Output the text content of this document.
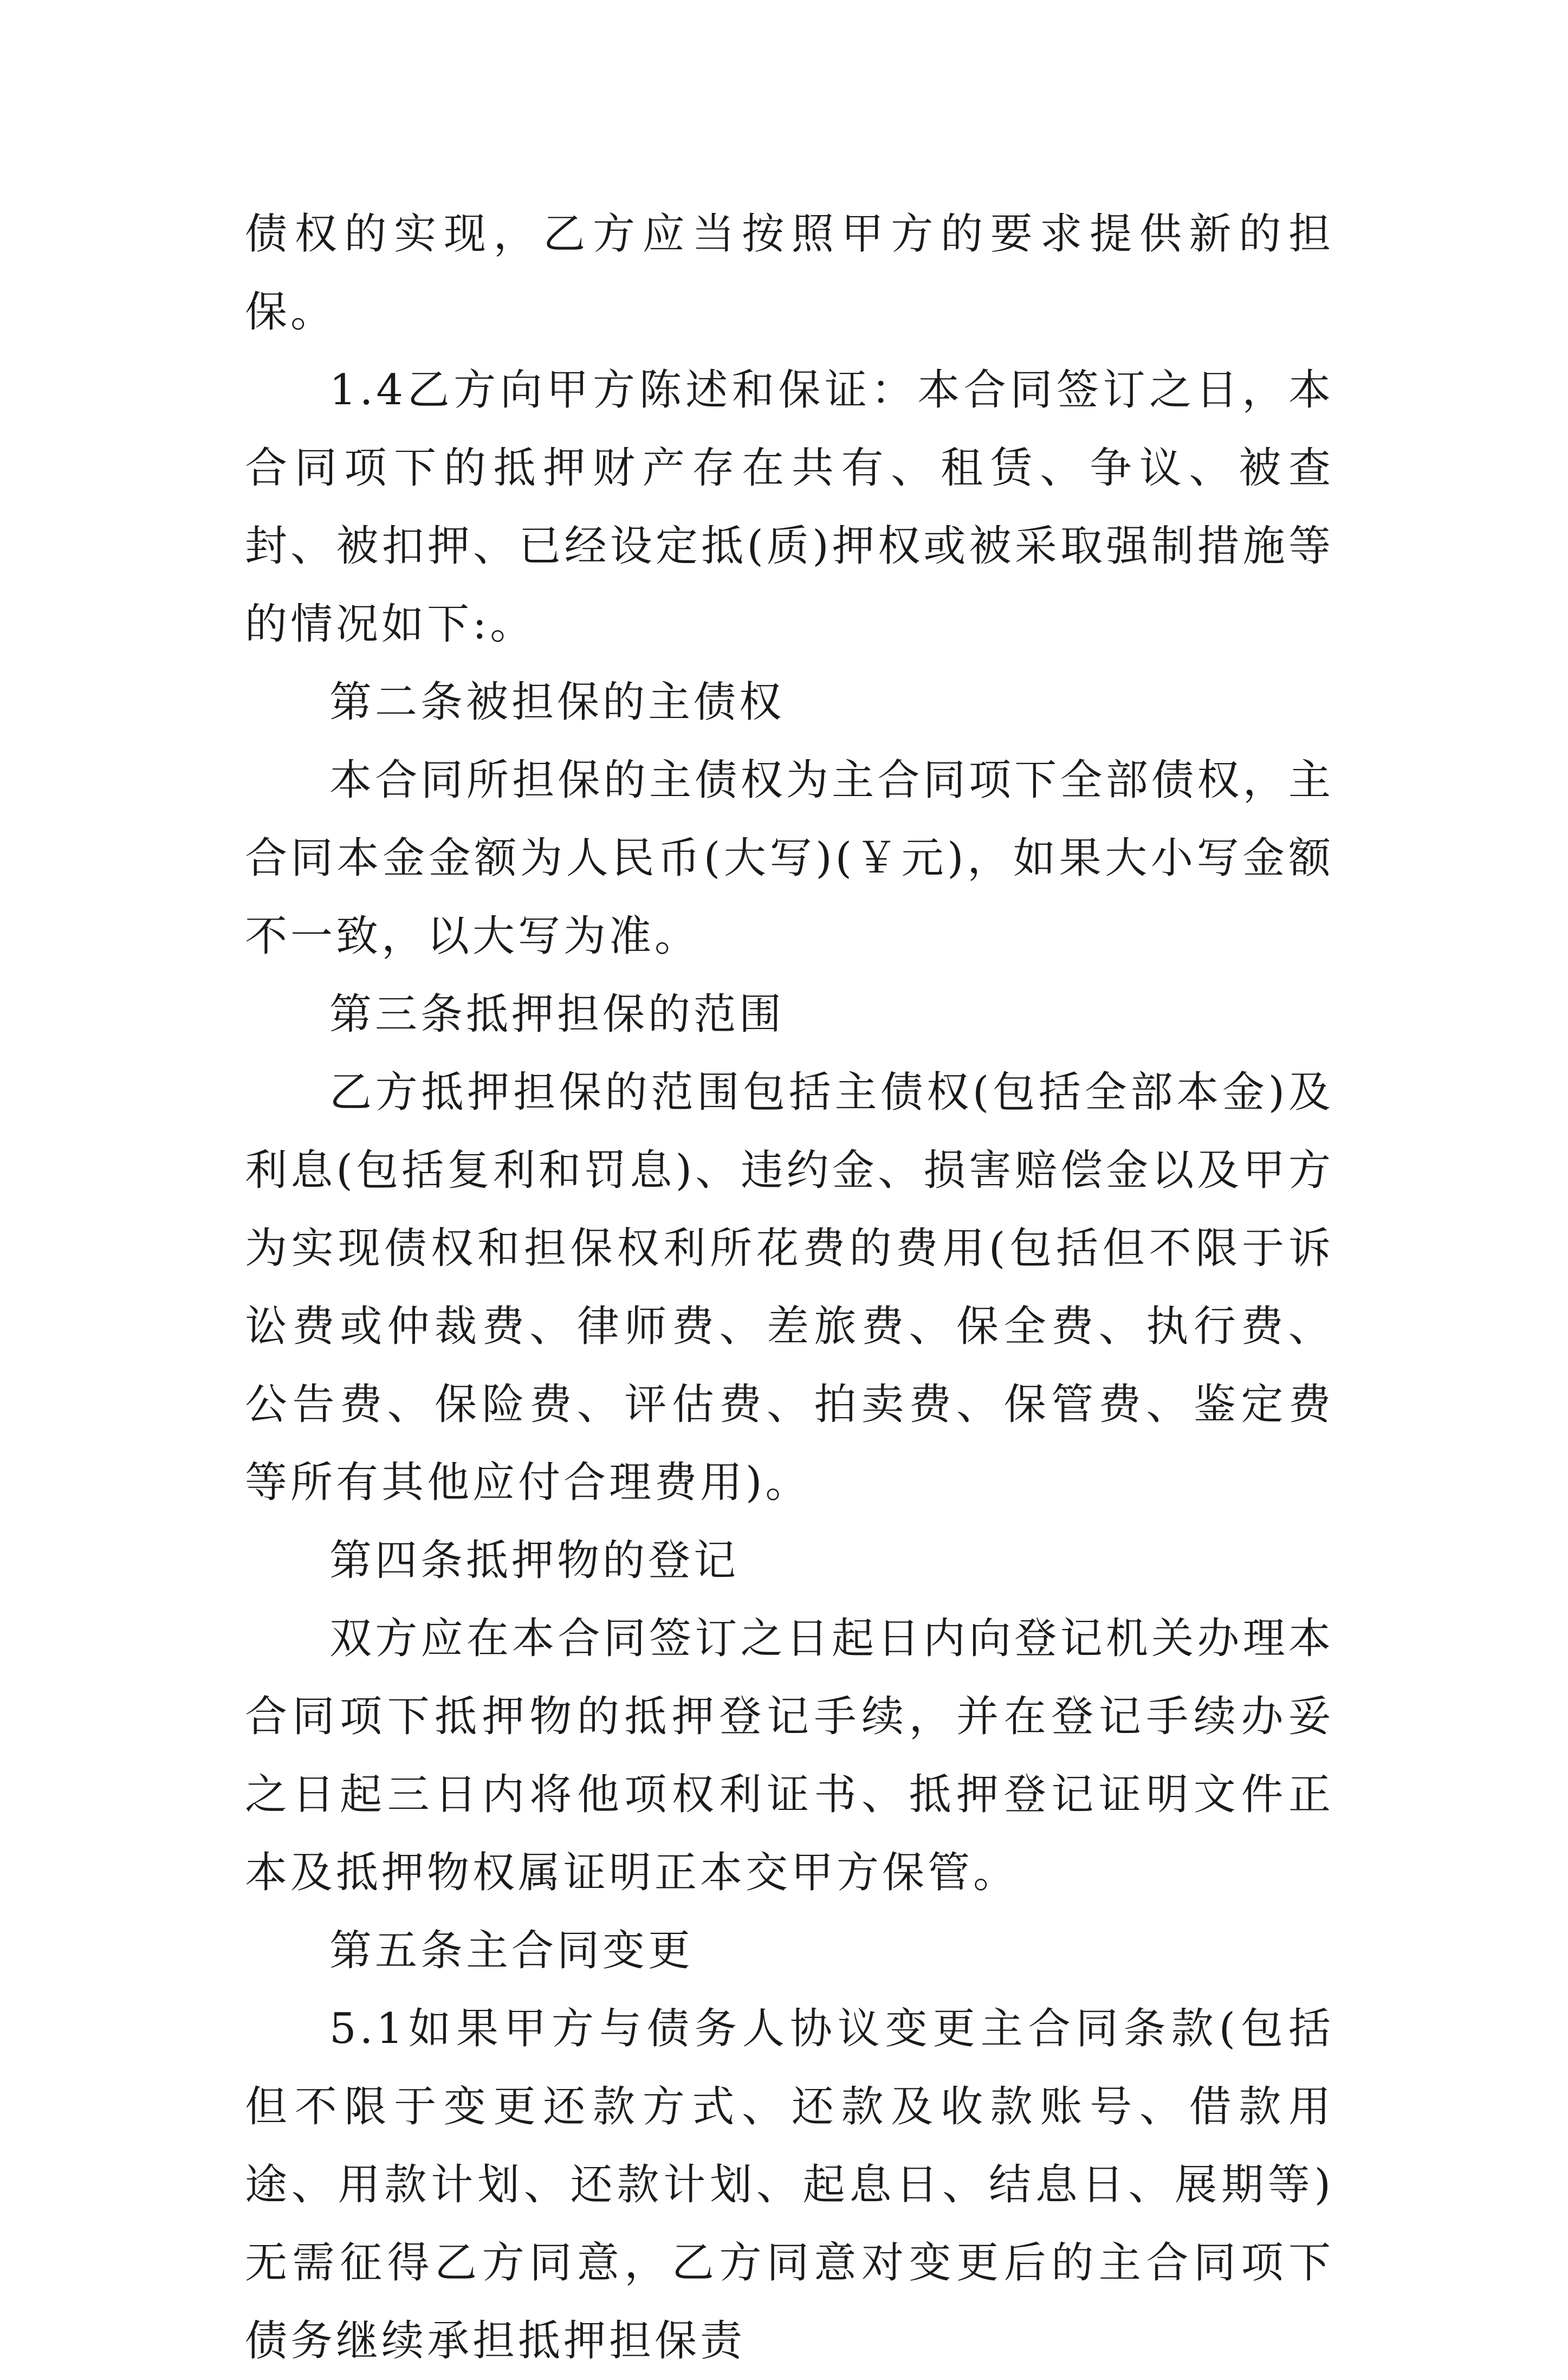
债权的实现，乙方应当按照甲方的要求提供新的担保。

1.4乙方向甲方陈述和保证：本合同签订之日，本合同项下的抵押财产存在共有、租赁、争议、被查封、被扣押、已经设定抵(质)押权或被采取强制措施等的情况如下:。

第二条被担保的主债权

本合同所担保的主债权为主合同项下全部债权，主合同本金金额为人民币(大写)(￥元)，如果大小写金额不一致，以大写为准。

第三条抵押担保的范围

乙方抵押担保的范围包括主债权(包括全部本金)及利息(包括复利和罚息)、违约金、损害赔偿金以及甲方为实现债权和担保权利所花费的费用(包括但不限于诉讼费或仲裁费、律师费、差旅费、保全费、执行费、公告费、保险费、评估费、拍卖费、保管费、鉴定费等所有其他应付合理费用)。

第四条抵押物的登记

双方应在本合同签订之日起日内向登记机关办理本合同项下抵押物的抵押登记手续，并在登记手续办妥之日起三日内将他项权利证书、抵押登记证明文件正本及抵押物权属证明正本交甲方保管。

第五条主合同变更

5.1如果甲方与债务人协议变更主合同条款(包括但不限于变更还款方式、还款及收款账号、借款用途、用款计划、还款计划、起息日、结息日、展期等)无需征得乙方同意，乙方同意对变更后的主合同项下债务继续承担抵押担保责
